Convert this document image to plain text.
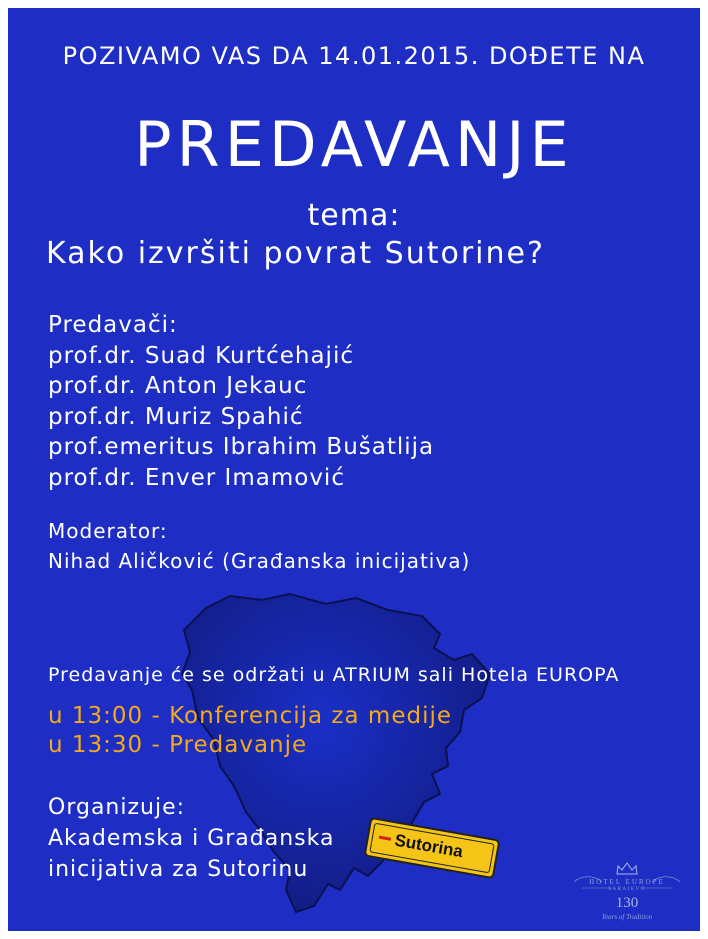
POZIVAMO VAS DA 14.01.2015. DOĐETE NA
PREDAVANJE
tema:
Kako izvršiti povrat Sutorine?
Predavači:
prof.dr. Suad Kurtćehajić
prof.dr. Anton Jekauc
prof.dr. Muriz Spahić
prof.emeritus Ibrahim Bušatlija
prof.dr. Enver Imamović
Moderator:
Nihad Aličković (Građanska inicijativa)
Predavanje će se održati u ATRIUM sali Hotela EUROPA
u 13:00 - Konferencija za medije
u 13:30 - Predavanje
Organizuje:
Akademska i Građanska
inicijativa za Sutorinu
Sutorina
HOTEL EUROPE
SARAJEVO
130
Years of Tradition
